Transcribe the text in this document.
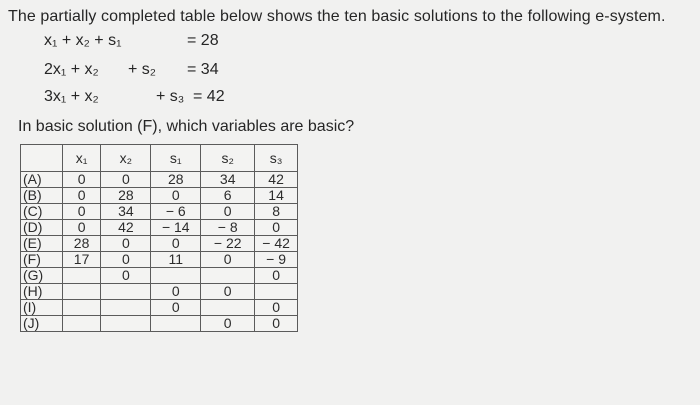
The partially completed table below shows the ten basic solutions to the following e-system.
x₁ + x₂ + s₁	= 28
2x₁ + x₂ + s₂ = 34
3x₁ + x₂	+ s₃ = 42
In basic solution (F), which variables are basic?
	x₁	x₂	s₁	s₂	s₃
(A)	0	0	28	34	42
(B)	0	28	0	6	14
(C)	0	34	− 6	0	8
(D)	0	42	− 14	− 8	0
(E)	28	0	0	− 22	− 42
(F)	17	0	11	0	− 9
(G)		0			0
(H)			0	0	
(I)			0		0
(J)				0	0
